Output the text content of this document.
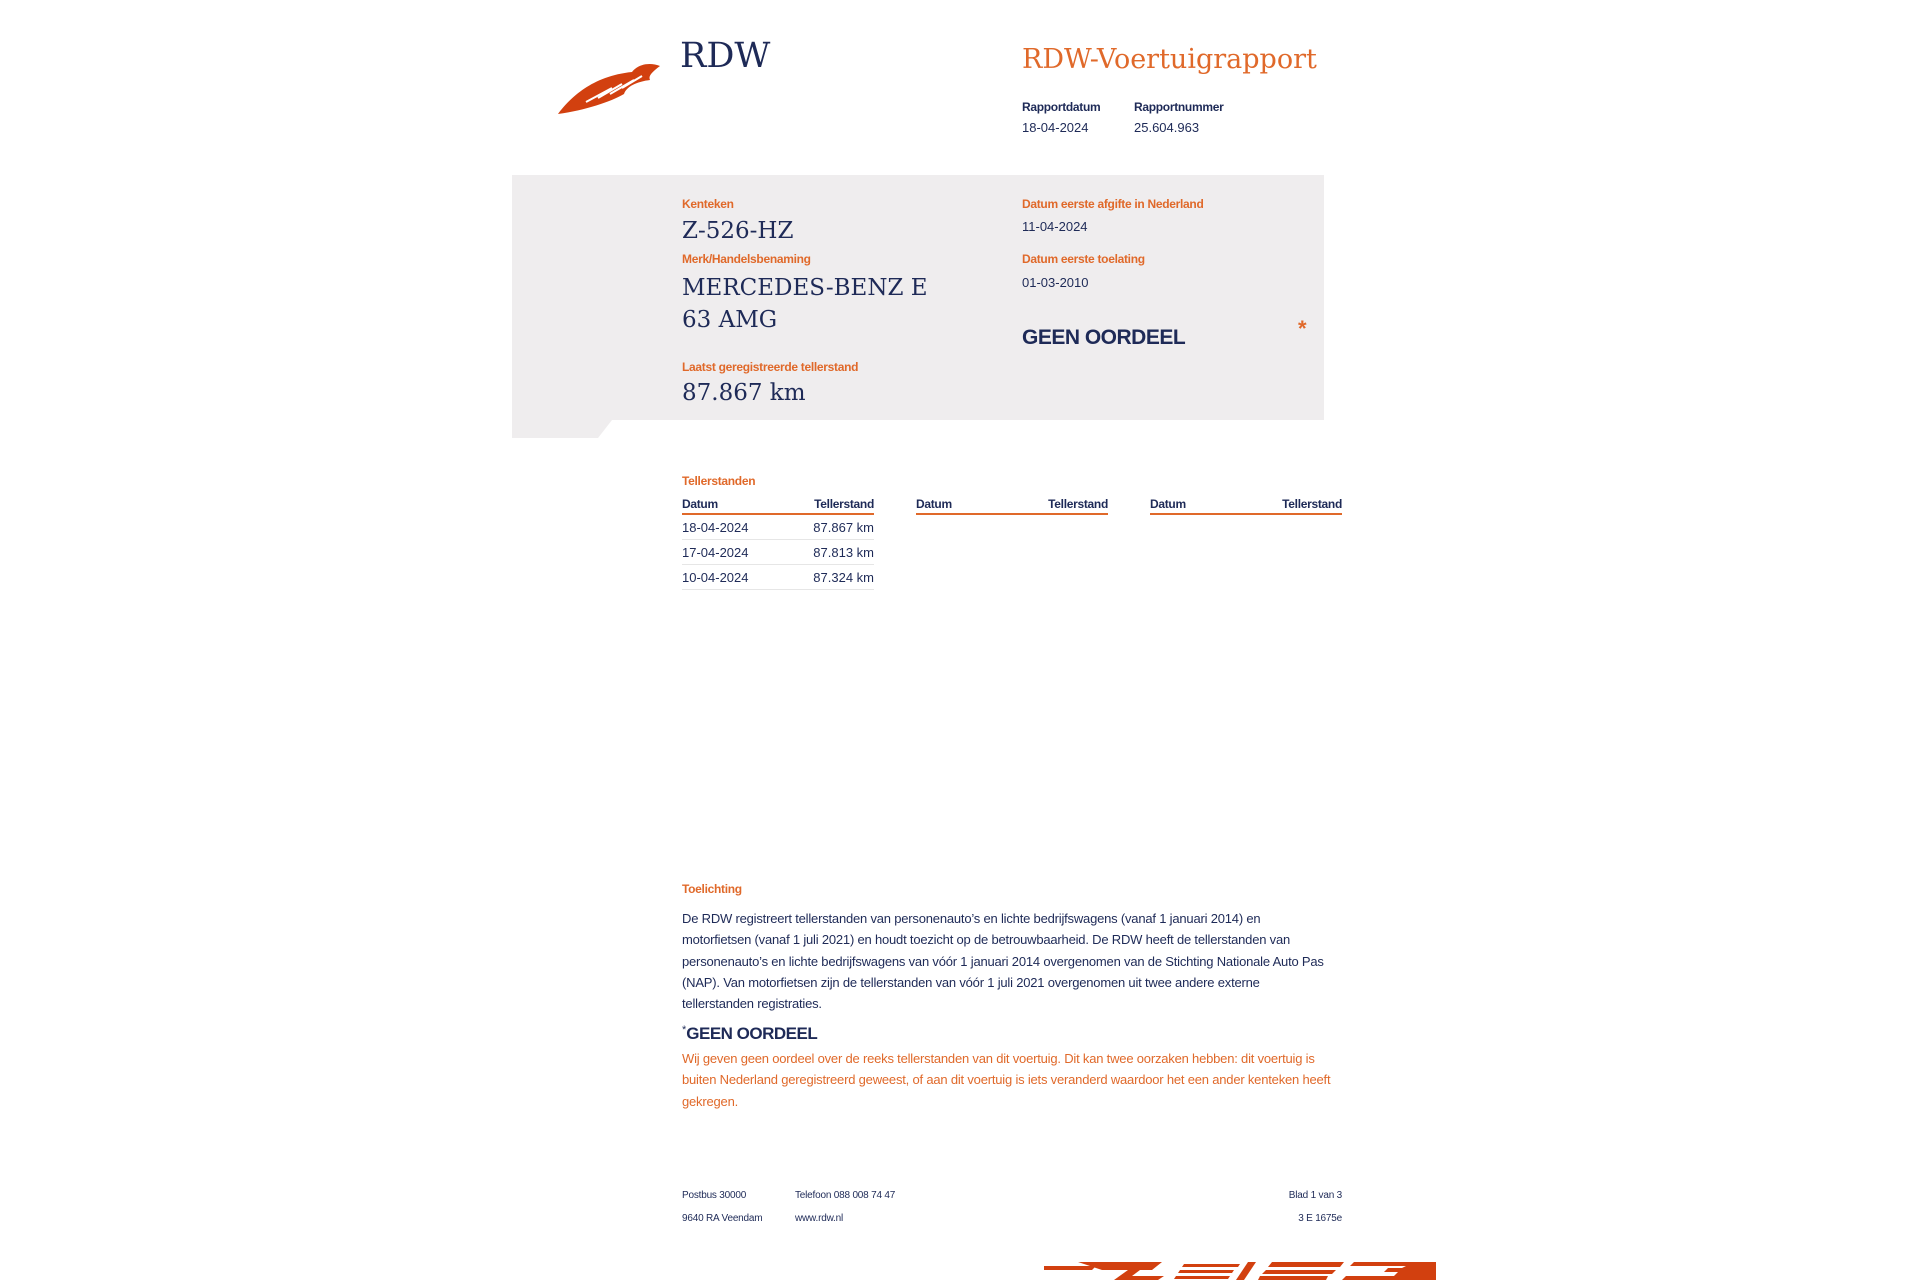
RDW	RDW-Voertuigrapport
Rapportdatum
18-04-2024
Rapportnummer
25.604.963
Kenteken
Z-526-HZ
Merk/Handelsbenaming
MERCEDES-BENZ E
63 AMG
Laatst geregistreerde tellerstand
87.867 km
Datum eerste afgifte in Nederland
11-04-2024
Datum eerste toelating
01-03-2010
GEEN OORDEEL	*
Tellerstanden
Datum	Tellerstand
18-04-2024	87.867 km
17-04-2024	87.813 km
10-04-2024	87.324 km
Datum	Tellerstand	Datum	Tellerstand
Toelichting
De RDW registreert tellerstanden van personenauto’s en lichte bedrijfswagens (vanaf 1 januari 2014) en motorfietsen (vanaf 1 juli 2021) en houdt toezicht op de betrouwbaarheid. De RDW heeft de tellerstanden van personenauto’s en lichte bedrijfswagens van vóór 1 januari 2014 overgenomen van de Stichting Nationale Auto Pas (NAP). Van motorfietsen zijn de tellerstanden van vóór 1 juli 2021 overgenomen uit twee andere externe tellerstanden registraties.
*GEEN OORDEEL
Wij geven geen oordeel over de reeks tellerstanden van dit voertuig. Dit kan twee oorzaken hebben: dit voertuig is buiten Nederland geregistreerd geweest, of aan dit voertuig is iets veranderd waardoor het een ander kenteken heeft gekregen.
Postbus 30000
9640 RA Veendam
Telefoon 088 008 74 47
www.rdw.nl
Blad 1 van 3
3 E 1675e
